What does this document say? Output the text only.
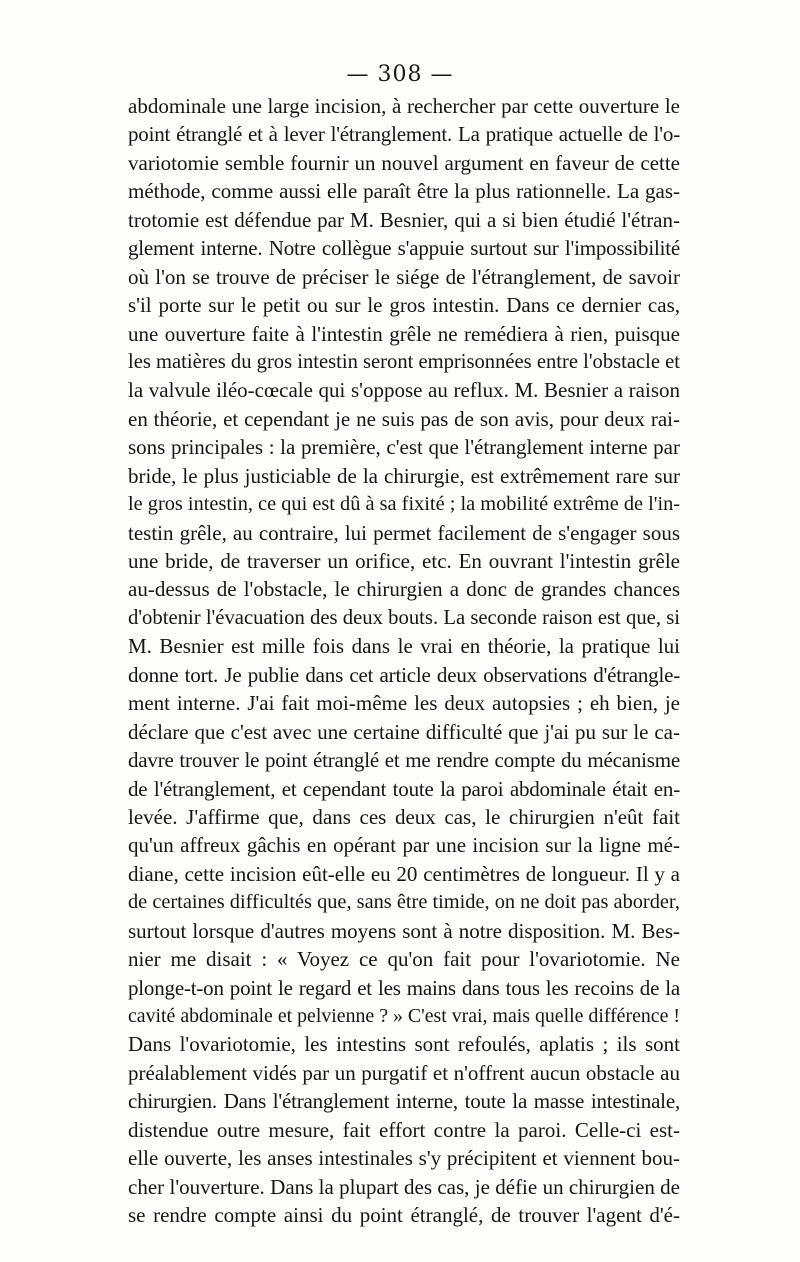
— 308 —
abdominale une large incision, à rechercher par cette ouverture le
point étranglé et à lever l'étranglement. La pratique actuelle de l'o-
variotomie semble fournir un nouvel argument en faveur de cette
méthode, comme aussi elle paraît être la plus rationnelle. La gas-
trotomie est défendue par M. Besnier, qui a si bien étudié l'étran-
glement interne. Notre collègue s'appuie surtout sur l'impossibilité
où l'on se trouve de préciser le siége de l'étranglement, de savoir
s'il porte sur le petit ou sur le gros intestin. Dans ce dernier cas,
une ouverture faite à l'intestin grêle ne remédiera à rien, puisque
les matières du gros intestin seront emprisonnées entre l'obstacle et
la valvule iléo-cœcale qui s'oppose au reflux. M. Besnier a raison
en théorie, et cependant je ne suis pas de son avis, pour deux rai-
sons principales : la première, c'est que l'étranglement interne par
bride, le plus justiciable de la chirurgie, est extrêmement rare sur
le gros intestin, ce qui est dû à sa fixité ; la mobilité extrême de l'in-
testin grêle, au contraire, lui permet facilement de s'engager sous
une bride, de traverser un orifice, etc. En ouvrant l'intestin grêle
au-dessus de l'obstacle, le chirurgien a donc de grandes chances
d'obtenir l'évacuation des deux bouts. La seconde raison est que, si
M. Besnier est mille fois dans le vrai en théorie, la pratique lui
donne tort. Je publie dans cet article deux observations d'étrangle-
ment interne. J'ai fait moi-même les deux autopsies ; eh bien, je
déclare que c'est avec une certaine difficulté que j'ai pu sur le ca-
davre trouver le point étranglé et me rendre compte du mécanisme
de l'étranglement, et cependant toute la paroi abdominale était en-
levée. J'affirme que, dans ces deux cas, le chirurgien n'eût fait
qu'un affreux gâchis en opérant par une incision sur la ligne mé-
diane, cette incision eût-elle eu 20 centimètres de longueur. Il y a
de certaines difficultés que, sans être timide, on ne doit pas aborder,
surtout lorsque d'autres moyens sont à notre disposition. M. Bes-
nier me disait : « Voyez ce qu'on fait pour l'ovariotomie. Ne
plonge-t-on point le regard et les mains dans tous les recoins de la
cavité abdominale et pelvienne ? » C'est vrai, mais quelle différence !
Dans l'ovariotomie, les intestins sont refoulés, aplatis ; ils sont
préalablement vidés par un purgatif et n'offrent aucun obstacle au
chirurgien. Dans l'étranglement interne, toute la masse intestinale,
distendue outre mesure, fait effort contre la paroi. Celle-ci est-
elle ouverte, les anses intestinales s'y précipitent et viennent bou-
cher l'ouverture. Dans la plupart des cas, je défie un chirurgien de
se rendre compte ainsi du point étranglé, de trouver l'agent d'é-
